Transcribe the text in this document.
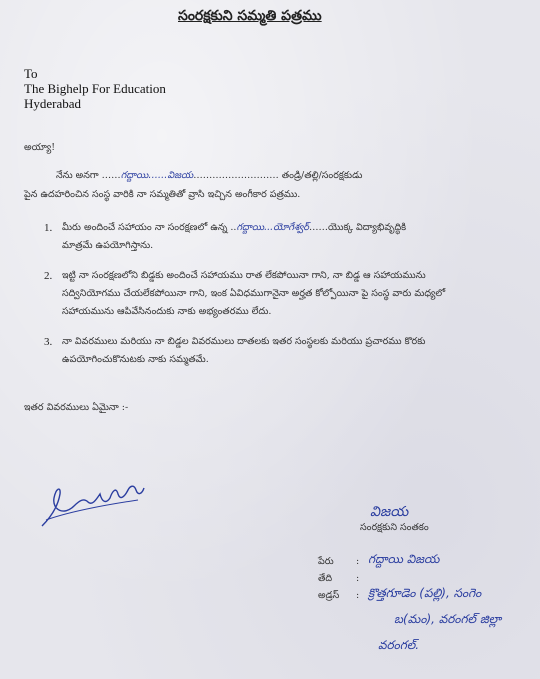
సంరక్షకుని సమ్మతి పత్రము
To
The Bighelp For Education
Hyderabad
అయ్యా!
నేను అనగా ……గద్దాయి……విజయ……………………… తండ్రి/తల్లి/సంరక్షకుడు
పైన ఉదహరించిన సంస్థ వారికి నా సమ్మతితో వ్రాసి ఇచ్చిన అంగీకార పత్రము.
1. మీరు అందించే సహాయం నా సంరక్షణలో ఉన్న ..గద్దాయి...యోగేశ్వర్……యొక్క విద్యాభివృద్ధికి
మాత్రమే ఉపయోగిస్తాను.
2. ఇట్టి నా సంరక్షణలోని బిడ్డకు అందించే సహాయము రాత లేకపోయినా గాని, నా బిడ్డ ఆ సహాయమును
సద్వినియోగము చేయలేకపోయినా గాని, ఇంక ఏవిధముగానైనా అర్హత కోల్పోయినా పై సంస్థ వారు మధ్యలో
సహాయమును ఆపివేసినందుకు నాకు అభ్యంతరము లేదు.
3. నా వివరములు మరియు నా బిడ్డల వివరములు దాతలకు ఇతర సంస్థలకు మరియు ప్రచారము కొరకు
ఉపయోగించుకొనుటకు నాకు సమ్మతమే.
ఇతర వివరములు ఏమైనా :-
విజయ
సంరక్షకుని సంతకం
పేరు : గద్దాయి విజయ
తేది	:
అడ్రస్ : క్రొత్తగూడెం (పల్లి), సంగెం
బ(మం), వరంగల్ జిల్లా
వరంగల్.
